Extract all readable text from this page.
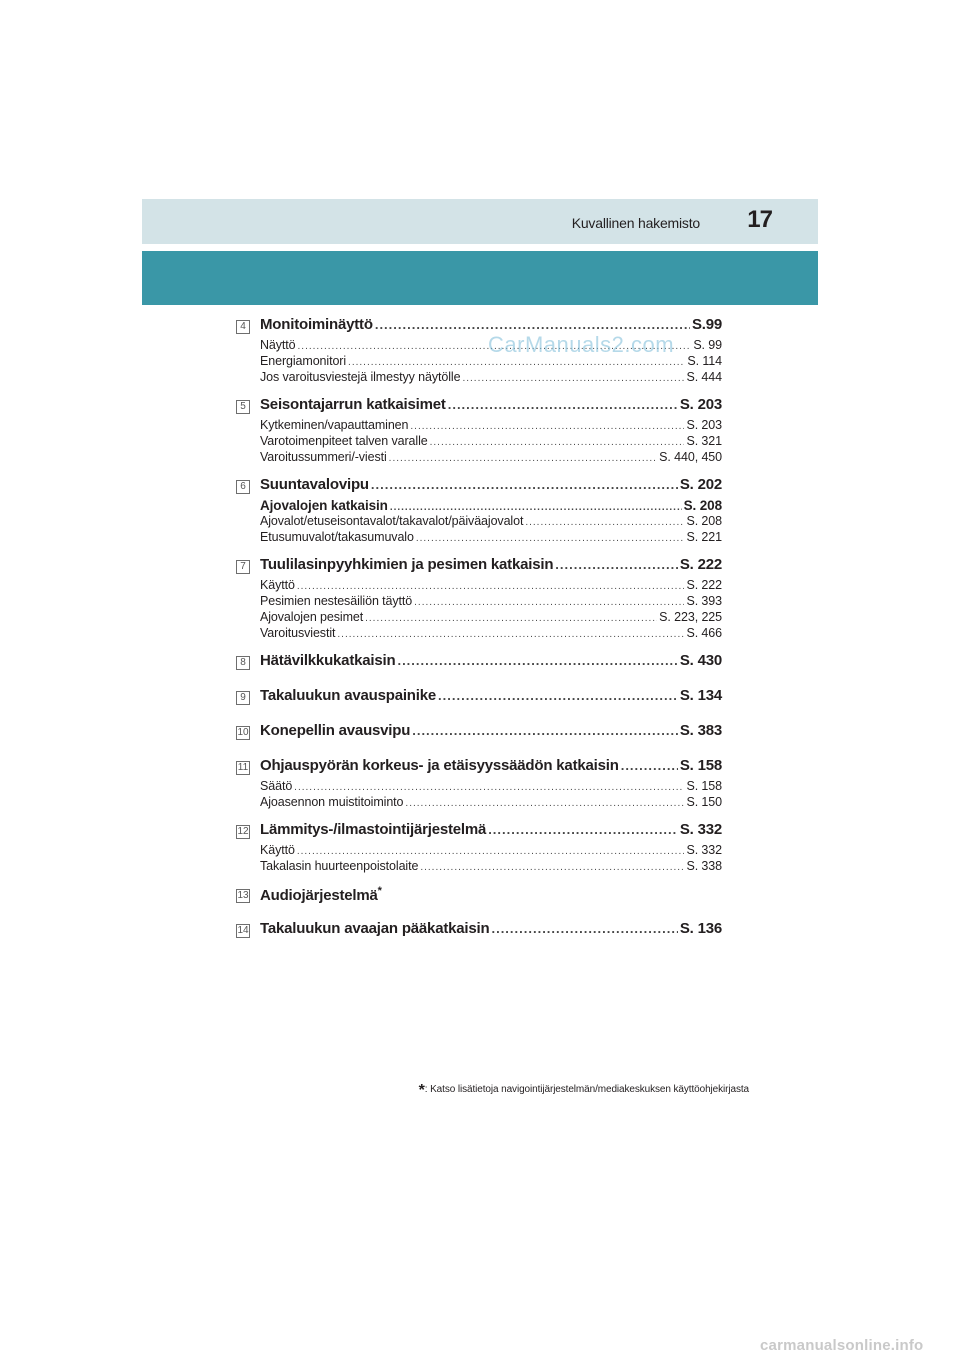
Kuvallinen hakemisto 17
4 Monitoiminäyttö .....	S.99
Näyttö .....	S. 99
Energiamonitori .....	S. 114
Jos varoitusviestejä ilmestyy näytölle .....	S. 444
5 Seisontajarrun katkaisimet .....	S. 203
Kytkeminen/vapauttaminen .....	S. 203
Varotoimenpiteet talven varalle .....	S. 321
Varoitussummeri/-viesti .....	S. 440, 450
6 Suuntavalovipu .....	S. 202
Ajovalojen katkaisin .....	S. 208
Ajovalot/etuseisontavalot/takavalot/päiväajovalot .....	S. 208
Etusumuvalot/takasumuvalo .....	S. 221
7 Tuulilasinpyyhkimien ja pesimen katkaisin .....	S. 222
Käyttö .....	S. 222
Pesimien nestesäiliön täyttö .....	S. 393
Ajovalojen pesimet .....	S. 223, 225
Varoitusviestit .....	S. 466
8 Hätävilkkukatkaisin .....	S. 430
9 Takaluukun avauspainike .....	S. 134
10 Konepellin avausvipu .....	S. 383
11 Ohjauspyörän korkeus- ja etäisyyssäädön katkaisin .....	S. 158
Säätö .....	S. 158
Ajoasennon muistitoiminto .....	S. 150
12 Lämmitys-/ilmastointijärjestelmä .....	S. 332
Käyttö .....	S. 332
Takalasin huurteenpoistolaite .....	S. 338
13 Audiojärjestelmä*
14 Takaluukun avaajan pääkatkaisin .....	S. 136
CarManuals2.com
*: Katso lisätietoja navigointijärjestelmän/mediakeskuksen käyttöohjekirjasta
carmanualsonline.info
